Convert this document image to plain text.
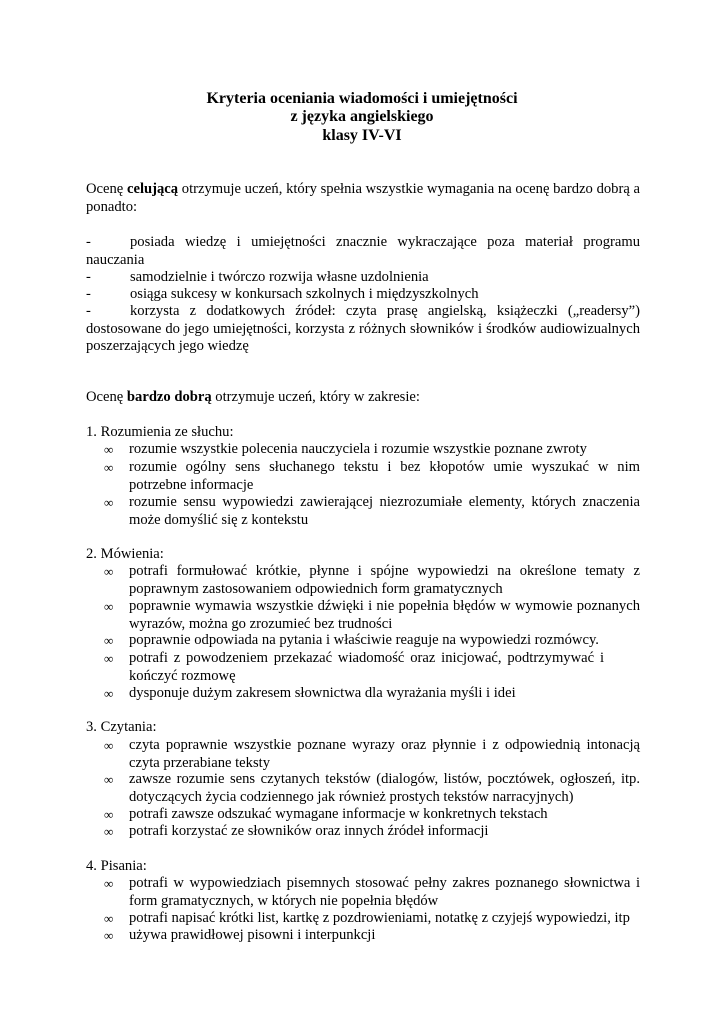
Kryteria oceniania wiadomości i umiejętności
z języka angielskiego
klasy IV-VI
Ocenę celującą otrzymuje uczeń, który spełnia wszystkie wymagania na ocenę bardzo dobrą a ponadto:
-	posiada wiedzę i umiejętności znacznie wykraczające poza materiał programu nauczania
-	samodzielnie i twórczo rozwija własne uzdolnienia
-	osiąga sukcesy w konkursach szkolnych i międzyszkolnych
-	korzysta z dodatkowych źródeł: czyta prasę angielską, książeczki („readersy”) dostosowane do jego umiejętności, korzysta z różnych słowników i środków audiowizualnych poszerzających jego wiedzę
Ocenę bardzo dobrą otrzymuje uczeń, który w zakresie:
1. Rozumienia ze słuchu:
∞	rozumie wszystkie polecenia nauczyciela i rozumie wszystkie poznane zwroty
∞	rozumie ogólny sens słuchanego tekstu i bez kłopotów umie wyszukać w nim potrzebne informacje
∞	rozumie sensu wypowiedzi zawierającej niezrozumiałe elementy, których znaczenia może domyślić się z kontekstu
2. Mówienia:
∞	potrafi formułować krótkie, płynne i spójne wypowiedzi na określone tematy z poprawnym zastosowaniem odpowiednich form gramatycznych
∞	poprawnie wymawia wszystkie dźwięki i nie popełnia błędów w wymowie poznanych wyrazów, można go zrozumieć bez trudności
∞	poprawnie odpowiada na pytania i właściwie reaguje na wypowiedzi rozmówcy.
∞	potrafi z powodzeniem przekazać wiadomość oraz inicjować, podtrzymywać i kończyć rozmowę
∞	dysponuje dużym zakresem słownictwa dla wyrażania myśli i idei
3. Czytania:
∞	czyta poprawnie wszystkie poznane wyrazy oraz płynnie i z odpowiednią intonacją czyta przerabiane teksty
∞	zawsze rozumie sens czytanych tekstów (dialogów, listów, pocztówek, ogłoszeń, itp. dotyczących życia codziennego jak również prostych tekstów narracyjnych)
∞	potrafi zawsze odszukać wymagane informacje w konkretnych tekstach
∞	potrafi korzystać ze słowników oraz innych źródeł informacji
4. Pisania:
∞	potrafi w wypowiedziach pisemnych stosować pełny zakres poznanego słownictwa i form gramatycznych, w których nie popełnia błędów
∞	potrafi napisać krótki list, kartkę z pozdrowieniami, notatkę z czyjejś wypowiedzi, itp
∞	używa prawidłowej pisowni i interpunkcji
